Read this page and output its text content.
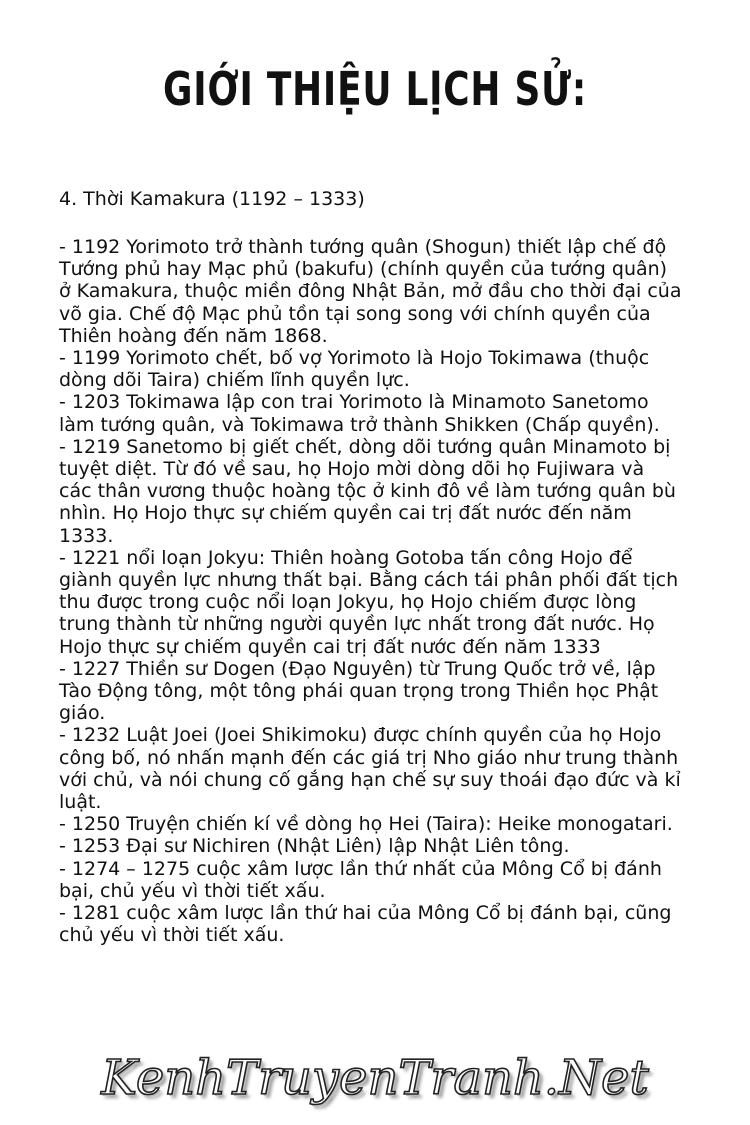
GIỚI THIỆU LỊCH SỬ:
4. Thời Kamakura (1192 – 1333)
- 1192 Yorimoto trở thành tướng quân (Shogun) thiết lập chế độ
Tướng phủ hay Mạc phủ (bakufu) (chính quyền của tướng quân)
ở Kamakura, thuộc miền đông Nhật Bản, mở đầu cho thời đại của
võ gia. Chế độ Mạc phủ tồn tại song song với chính quyền của
Thiên hoàng đến năm 1868.
- 1199 Yorimoto chết, bố vợ Yorimoto là Hojo Tokimawa (thuộc
dòng dõi Taira) chiếm lĩnh quyền lực.
- 1203 Tokimawa lập con trai Yorimoto là Minamoto Sanetomo
làm tướng quân, và Tokimawa trở thành Shikken (Chấp quyền).
- 1219 Sanetomo bị giết chết, dòng dõi tướng quân Minamoto bị
tuyệt diệt. Từ đó về sau, họ Hojo mời dòng dõi họ Fujiwara và
các thân vương thuộc hoàng tộc ở kinh đô về làm tướng quân bù
nhìn. Họ Hojo thực sự chiếm quyền cai trị đất nước đến năm
1333.
- 1221 nổi loạn Jokyu: Thiên hoàng Gotoba tấn công Hojo để
giành quyền lực nhưng thất bại. Bằng cách tái phân phối đất tịch
thu được trong cuộc nổi loạn Jokyu, họ Hojo chiếm được lòng
trung thành từ những người quyền lực nhất trong đất nước. Họ
Hojo thực sự chiếm quyền cai trị đất nước đến năm 1333
- 1227 Thiền sư Dogen (Đạo Nguyên) từ Trung Quốc trở về, lập
Tào Động tông, một tông phái quan trọng trong Thiền học Phật
giáo.
- 1232 Luật Joei (Joei Shikimoku) được chính quyền của họ Hojo
công bố, nó nhấn mạnh đến các giá trị Nho giáo như trung thành
với chủ, và nói chung cố gắng hạn chế sự suy thoái đạo đức và kỉ
luật.
- 1250 Truyện chiến kí về dòng họ Hei (Taira): Heike monogatari.
- 1253 Đại sư Nichiren (Nhật Liên) lập Nhật Liên tông.
- 1274 – 1275 cuộc xâm lược lần thứ nhất của Mông Cổ bị đánh
bại, chủ yếu vì thời tiết xấu.
- 1281 cuộc xâm lược lần thứ hai của Mông Cổ bị đánh bại, cũng
chủ yếu vì thời tiết xấu.
KenhTruyenTranh.Net
